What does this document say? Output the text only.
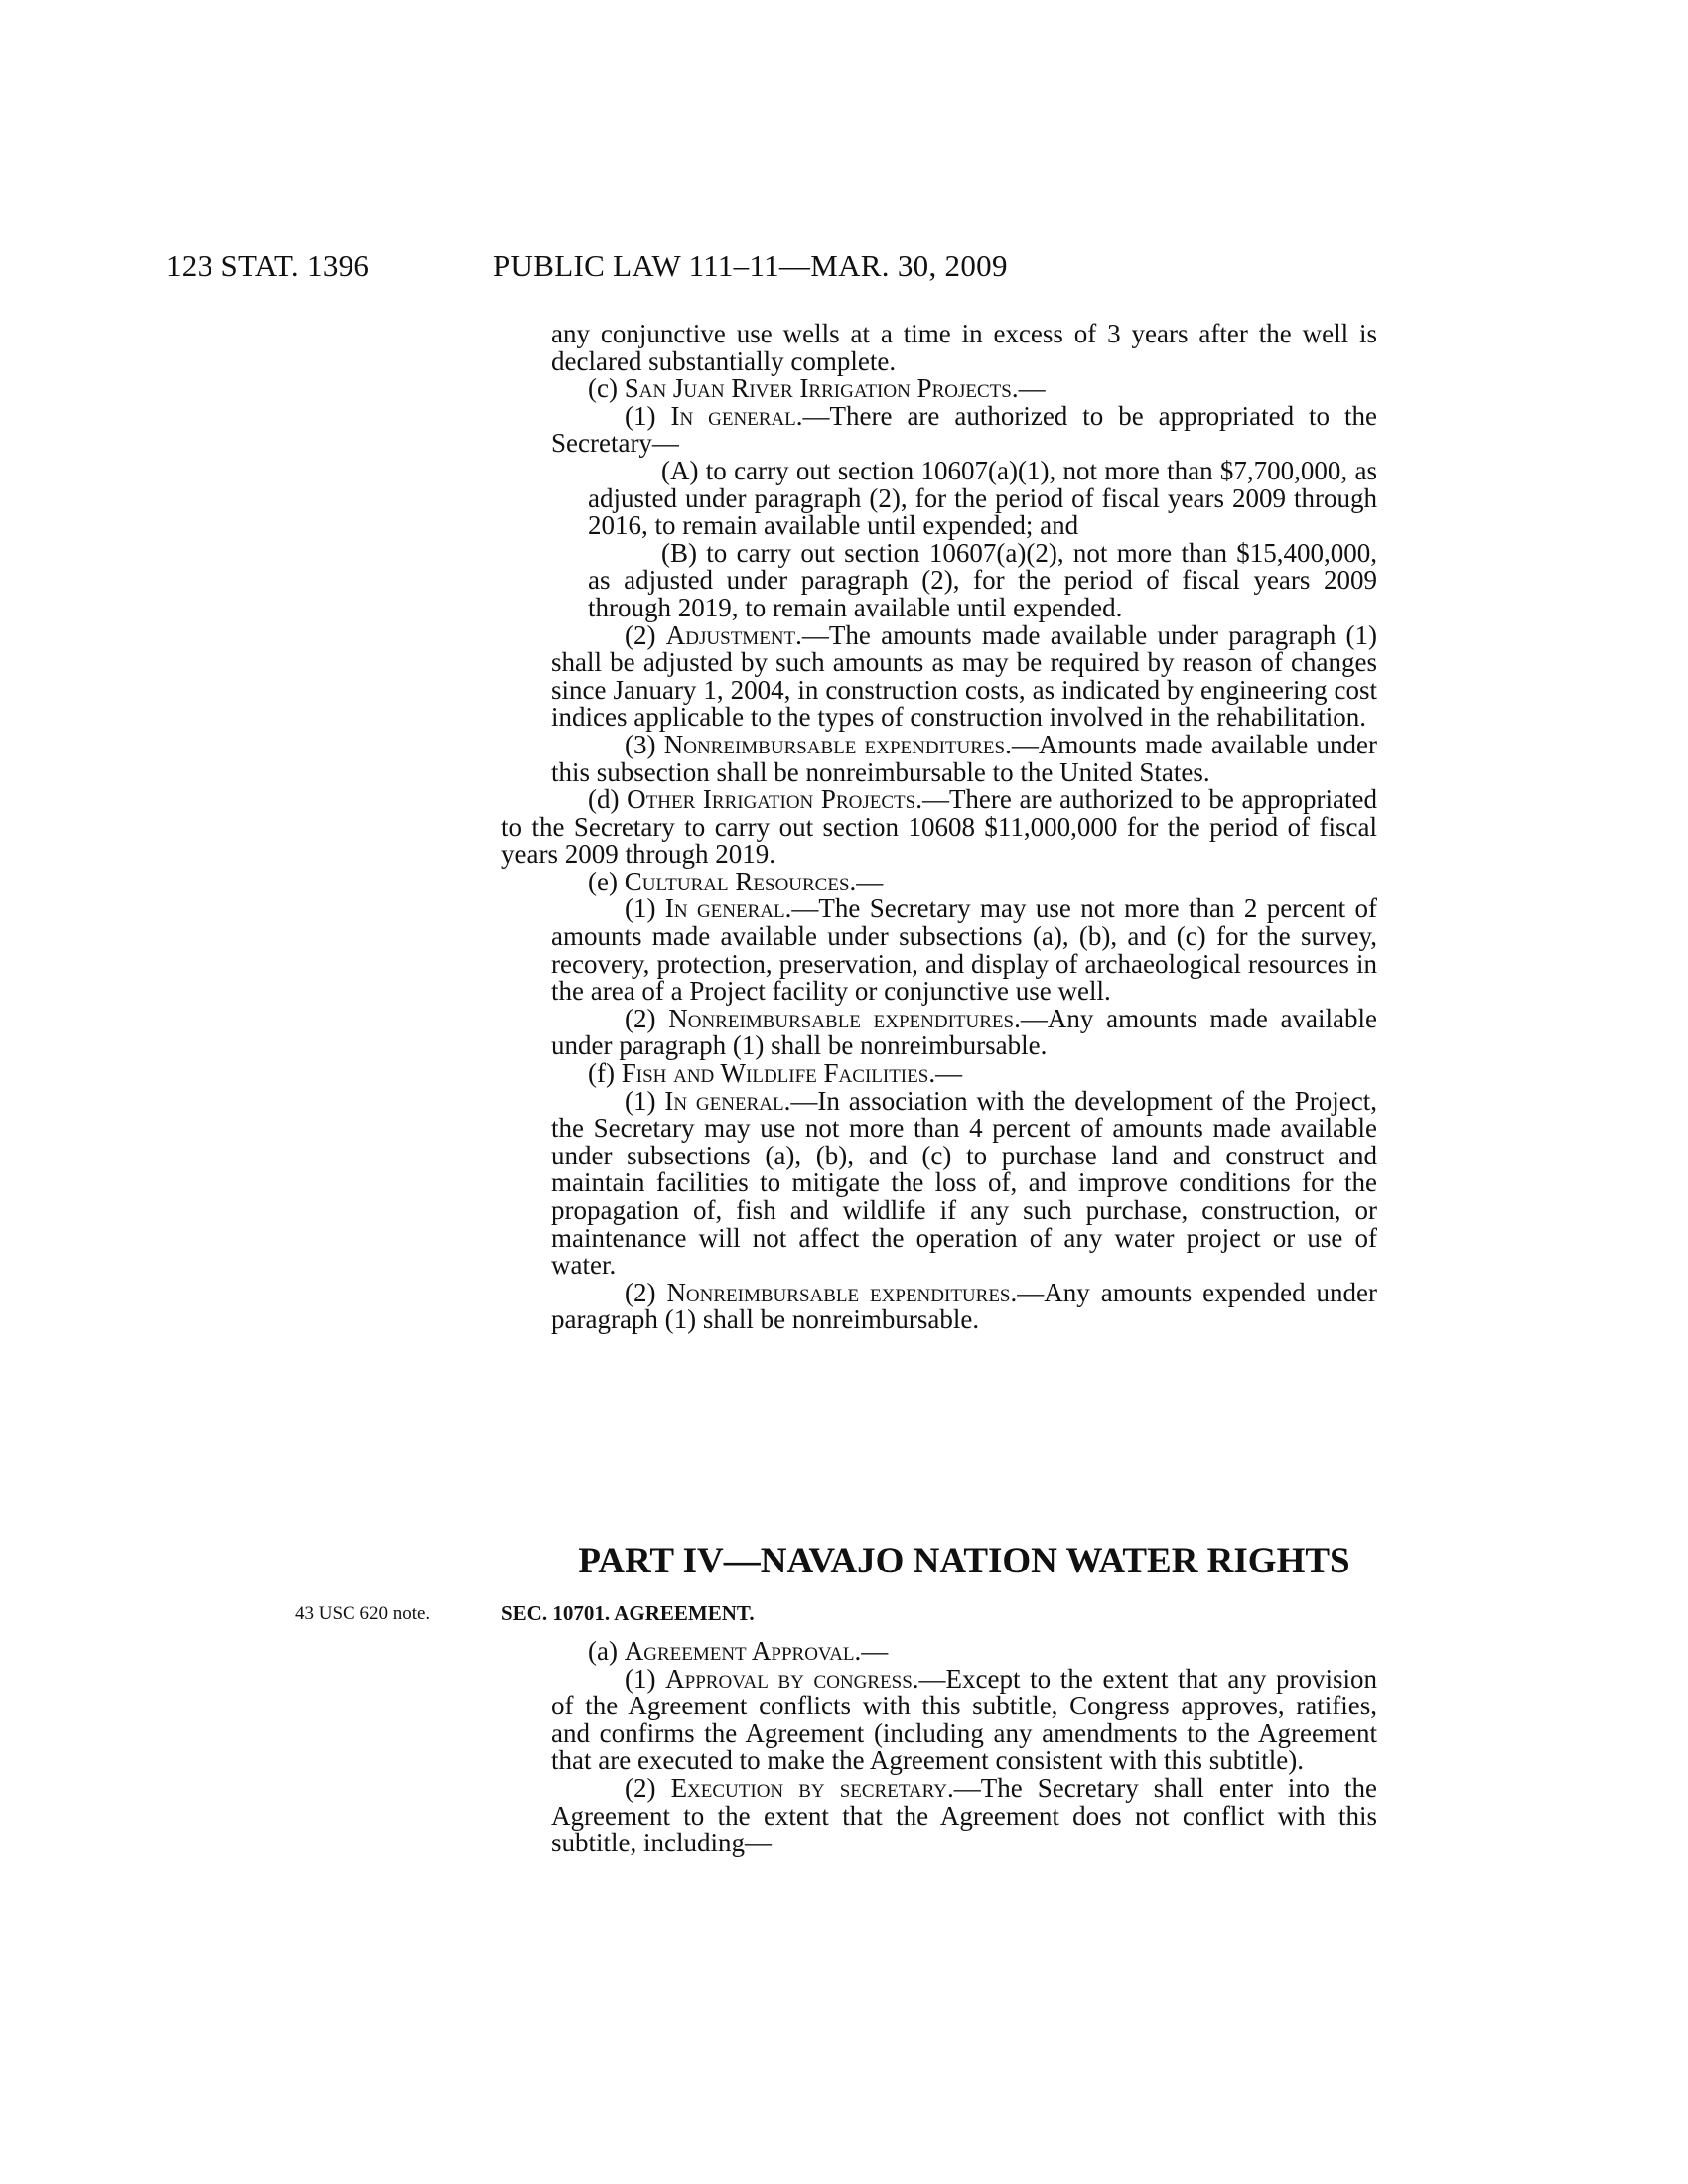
123 STAT. 1396	PUBLIC LAW 111–11—MAR. 30, 2009

any conjunctive use wells at a time in excess of 3 years after the well is declared substantially complete.

(c) San Juan River Irrigation Projects.—

(1) In general.—There are authorized to be appropriated to the Secretary—

(A) to carry out section 10607(a)(1), not more than $7,700,000, as adjusted under paragraph (2), for the period of fiscal years 2009 through 2016, to remain available until expended; and

(B) to carry out section 10607(a)(2), not more than $15,400,000, as adjusted under paragraph (2), for the period of fiscal years 2009 through 2019, to remain available until expended.

(2) Adjustment.—The amounts made available under paragraph (1) shall be adjusted by such amounts as may be required by reason of changes since January 1, 2004, in construction costs, as indicated by engineering cost indices applicable to the types of construction involved in the rehabilitation.

(3) Nonreimbursable expenditures.—Amounts made available under this subsection shall be nonreimbursable to the United States.

(d) Other Irrigation Projects.—There are authorized to be appropriated to the Secretary to carry out section 10608 $11,000,000 for the period of fiscal years 2009 through 2019.

(e) Cultural Resources.—

(1) In general.—The Secretary may use not more than 2 percent of amounts made available under subsections (a), (b), and (c) for the survey, recovery, protection, preservation, and display of archaeological resources in the area of a Project facility or conjunctive use well.

(2) Nonreimbursable expenditures.—Any amounts made available under paragraph (1) shall be nonreimbursable.

(f) Fish and Wildlife Facilities.—

(1) In general.—In association with the development of the Project, the Secretary may use not more than 4 percent of amounts made available under subsections (a), (b), and (c) to purchase land and construct and maintain facilities to mitigate the loss of, and improve conditions for the propagation of, fish and wildlife if any such purchase, construction, or maintenance will not affect the operation of any water project or use of water.

(2) Nonreimbursable expenditures.—Any amounts expended under paragraph (1) shall be nonreimbursable.

PART IV—NAVAJO NATION WATER RIGHTS
43 USC 620 note.	SEC. 10701. AGREEMENT.

(a) Agreement Approval.—

(1) Approval by congress.—Except to the extent that any provision of the Agreement conflicts with this subtitle, Congress approves, ratifies, and confirms the Agreement (including any amendments to the Agreement that are executed to make the Agreement consistent with this subtitle).

(2) Execution by secretary.—The Secretary shall enter into the Agreement to the extent that the Agreement does not conflict with this subtitle, including—
